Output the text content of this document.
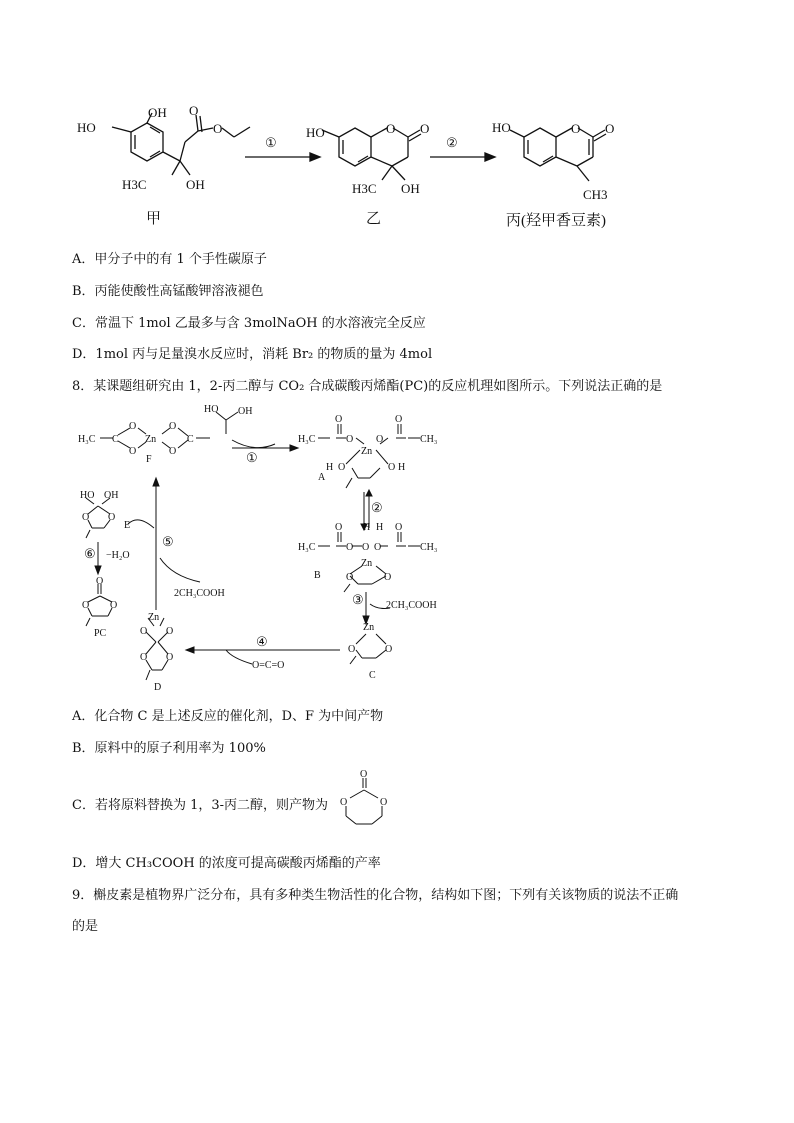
HO
OH O
O
H3C	OH
甲
HO	O O
H3C OH
乙
HO	O O
CH3
丙(羟甲香豆素)
①	②
A．甲分子中的有 1 个手性碳原子
B．丙能使酸性高锰酸钾溶液褪色
C．常温下 1mol 乙最多与含 3molNaOH 的水溶液完全反应
D．1mol 丙与足量溴水反应时，消耗 Br₂ 的物质的量为 4mol
8．某课题组研究由 1，2-丙二醇与 CO₂ 合成碳酸丙烯酯(PC)的反应机理如图所示。下列说法正确的是
H₃C C
O
O
Zn
O
O
C
F
HO OH
①
H₃C
O
O
Zn
O
O
CH₃
H O	O H
A
②
H₃C
O
O
H H
O O
O
CH₃
Zn
O	O
B
③ 2CH₃COOH
Zn
O	O
C
④
O=C=O
Zn
O O
O O
D
⑤
2CH₃COOH
HO OH
O O
E
⑥ −H₂O
O
O O
PC
A．化合物 C 是上述反应的催化剂，D、F 为中间产物
B．原料中的原子利用率为 100%
C．若将原料替换为 1，3-丙二醇，则产物为
O
O	O
D．增大 CH₃COOH 的浓度可提高碳酸丙烯酯的产率
9．槲皮素是植物界广泛分布，具有多种类生物活性的化合物，结构如下图；下列有关该物质的说法不正确
的是
